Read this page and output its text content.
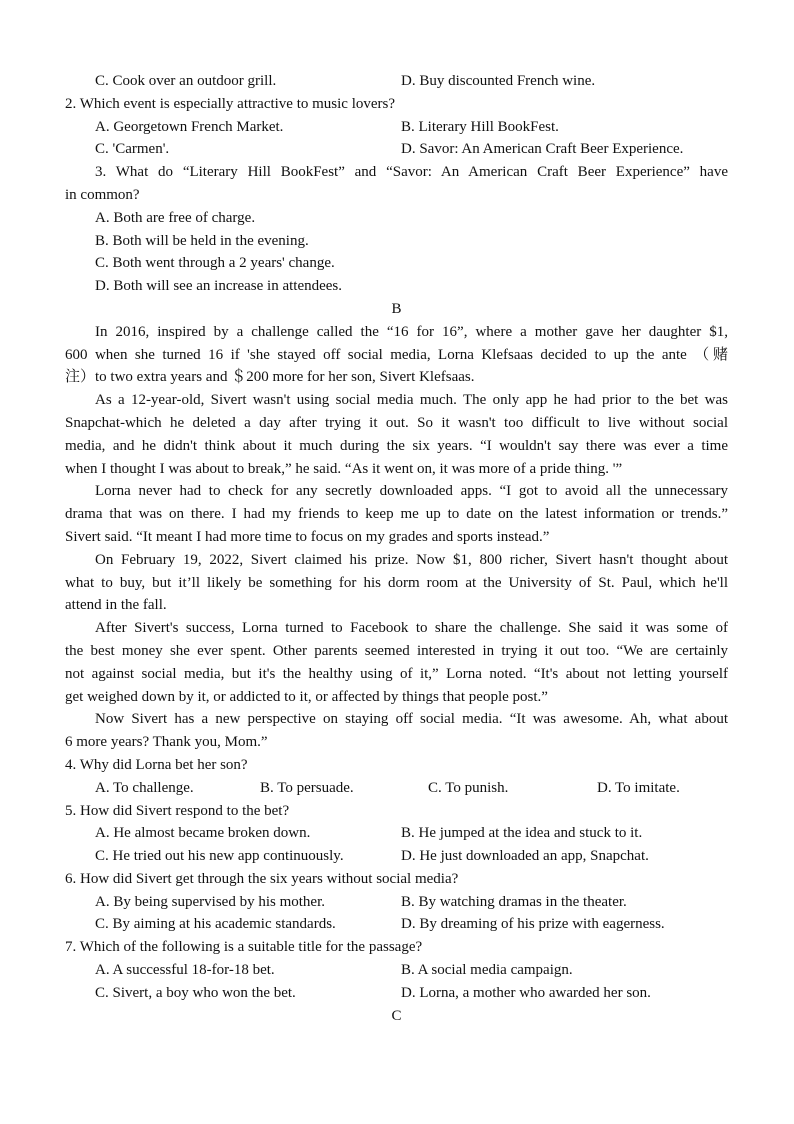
C. Cook over an outdoor grill.	D. Buy discounted French wine.
2. Which event is especially attractive to music lovers?
A. Georgetown French Market.	B. Literary Hill BookFest.
C. 'Carmen'.	D. Savor: An American Craft Beer Experience.
3. What do “Literary Hill BookFest” and “Savor: An American Craft Beer Experience” have
in common?
A. Both are free of charge.
B. Both will be held in the evening.
C. Both went through a 2 years' change.
D. Both will see an increase in attendees.
B
In 2016, inspired by a challenge called the “16 for 16”, where a mother gave her daughter $1,
600 when she turned 16 if 'she stayed off social media, Lorna Klefsaas decided to up the ante （赌
注）to two extra years and ＄200 more for her son, Sivert Klefsaas.
As a 12-year-old, Sivert wasn't using social media much. The only app he had prior to the bet was
Snapchat-which he deleted a day after trying it out. So it wasn't too difficult to live without social
media, and he didn't think about it much during the six years. “I wouldn't say there was ever a time
when I thought I was about to break,” he said. “As it went on, it was more of a pride thing. '”
Lorna never had to check for any secretly downloaded apps. “I got to avoid all the unnecessary
drama that was on there. I had my friends to keep me up to date on the latest information or trends.”
Sivert said. “It meant I had more time to focus on my grades and sports instead.”
On February 19, 2022, Sivert claimed his prize. Now $1, 800 richer, Sivert hasn't thought about
what to buy, but it’ll likely be something for his dorm room at the University of St. Paul, which he'll
attend in the fall.
After Sivert's success, Lorna turned to Facebook to share the challenge. She said it was some of
the best money she ever spent. Other parents seemed interested in trying it out too. “We are certainly
not against social media, but it's the healthy using of it,” Lorna noted. “It's about not letting yourself
get weighed down by it, or addicted to it, or affected by things that people post.”
Now Sivert has a new perspective on staying off social media. “It was awesome. Ah, what about
6 more years? Thank you, Mom.”
4. Why did Lorna bet her son?
A. To challenge.	B. To persuade.	C. To punish.	D. To imitate.
5. How did Sivert respond to the bet?
A. He almost became broken down.	B. He jumped at the idea and stuck to it.
C. He tried out his new app continuously.	D. He just downloaded an app, Snapchat.
6. How did Sivert get through the six years without social media?
A. By being supervised by his mother.	B. By watching dramas in the theater.
C. By aiming at his academic standards.	D. By dreaming of his prize with eagerness.
7. Which of the following is a suitable title for the passage?
A. A successful 18-for-18 bet.	B. A social media campaign.
C. Sivert, a boy who won the bet.	D. Lorna, a mother who awarded her son.
C
